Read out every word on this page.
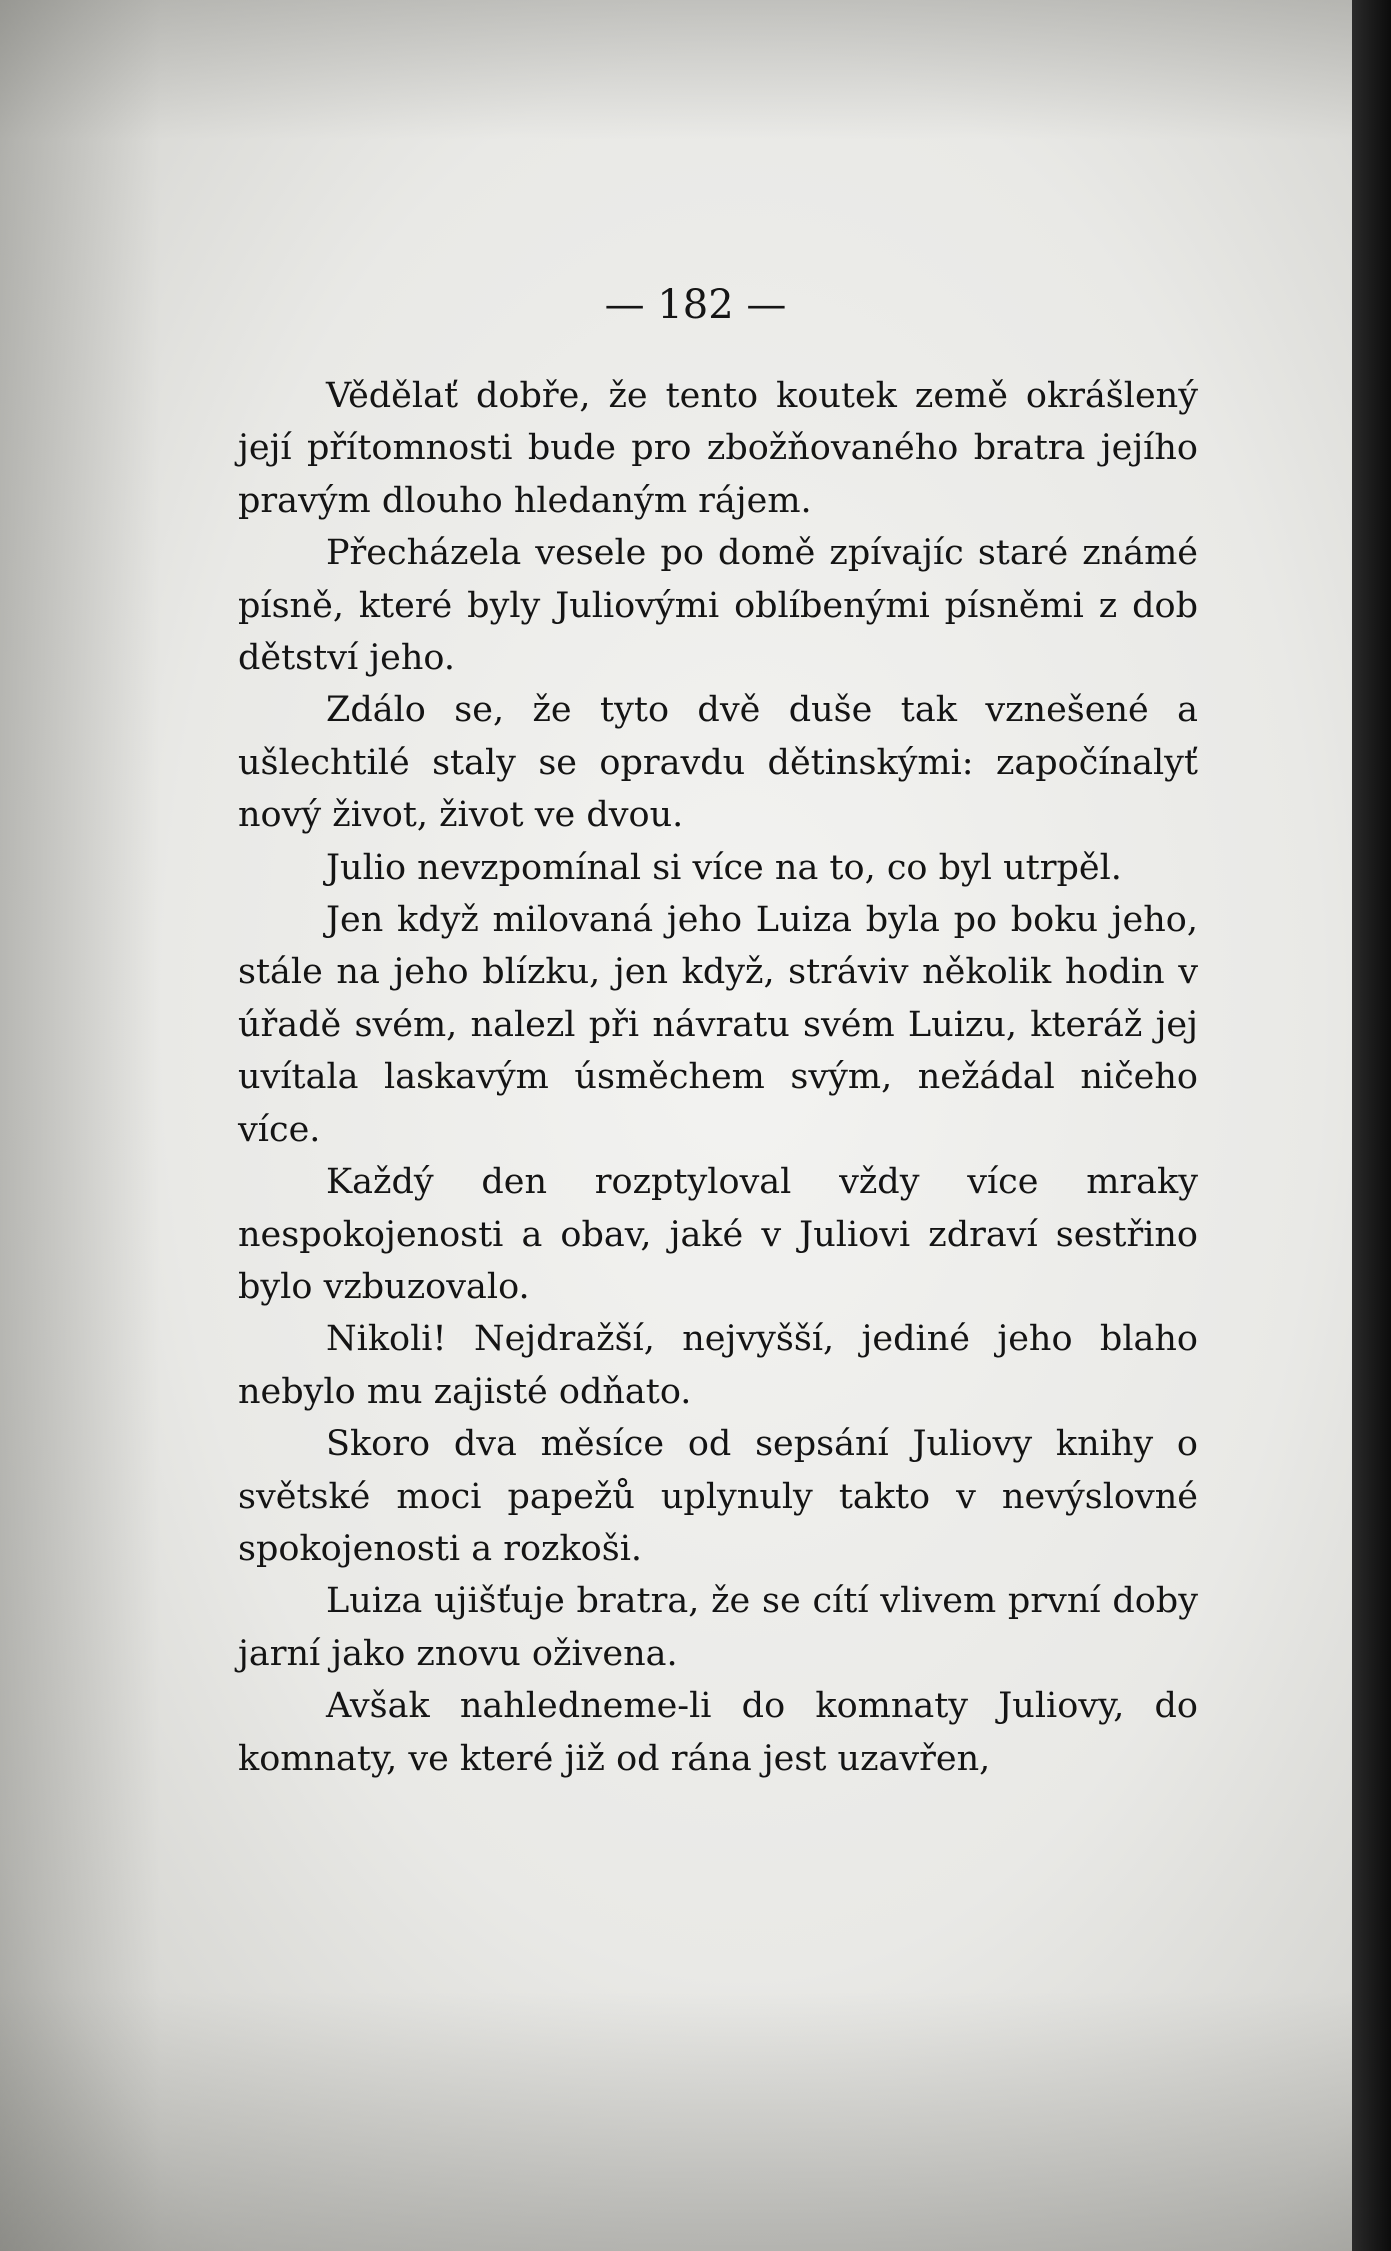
— 182 —

Vědělať dobře, že tento koutek země okrášlený její přítomnosti bude pro zbožňovaného bratra jejího pravým dlouho hledaným rájem.

Přecházela vesele po domě zpívajíc staré známé písně, které byly Juliovými oblíbenými písněmi z dob dětství jeho.

Zdálo se, že tyto dvě duše tak vznešené a ušlechtilé staly se opravdu dětinskými: započínalyť nový život, život ve dvou.

Julio nevzpomínal si více na to, co byl utrpěl.

Jen když milovaná jeho Luiza byla po boku jeho, stále na jeho blízku, jen když, stráviv několik hodin v úřadě svém, nalezl při návratu svém Luizu, kteráž jej uvítala laskavým úsměchem svým, nežádal ničeho více.

Každý den rozptyloval vždy více mraky nespokojenosti a obav, jaké v Juliovi zdraví sestřino bylo vzbuzovalo.

Nikoli! Nejdražší, nejvyšší, jediné jeho blaho nebylo mu zajisté odňato.

Skoro dva měsíce od sepsání Juliovy knihy o světské moci papežů uplynuly takto v nevýslovné spokojenosti a rozkoši.

Luiza ujišťuje bratra, že se cítí vlivem první doby jarní jako znovu oživena.

Avšak nahledneme-li do komnaty Juliovy, do komnaty, ve které již od rána jest uzavřen,
